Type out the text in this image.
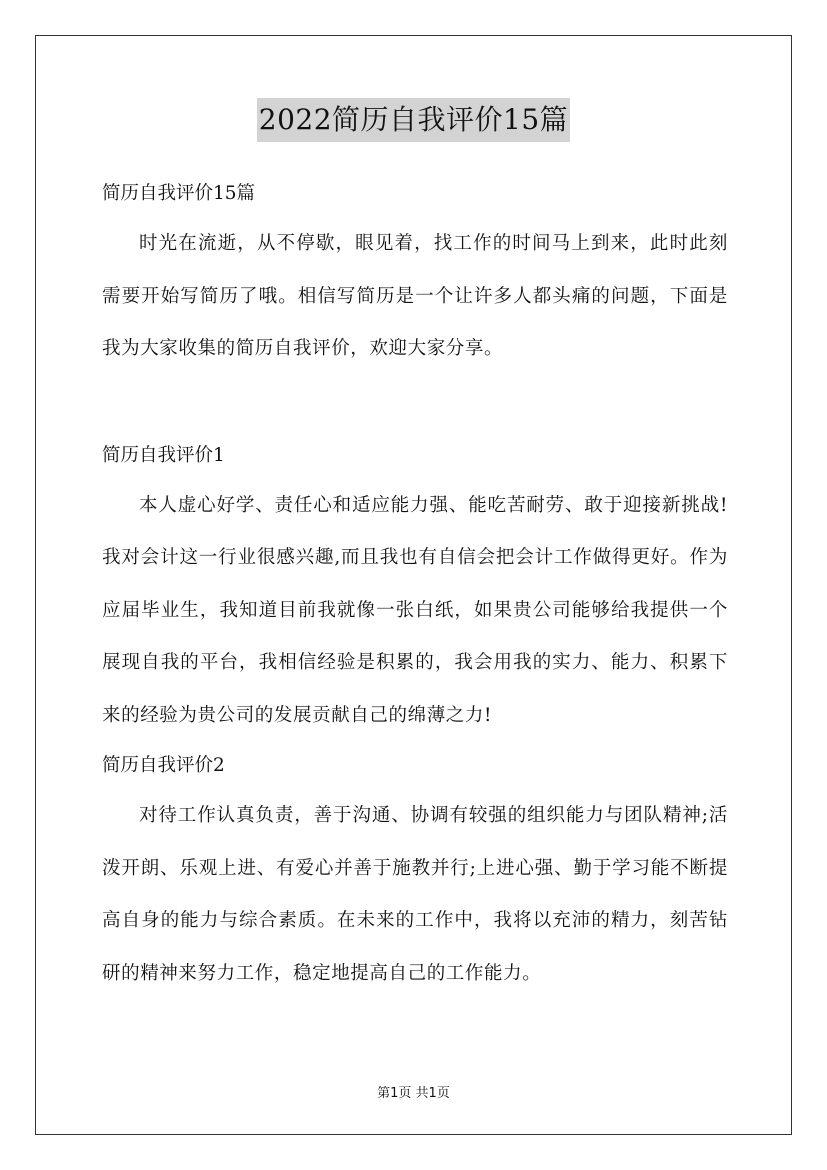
2022简历自我评价15篇

简历自我评价15篇

时光在流逝，从不停歇，眼见着，找工作的时间马上到来，此时此刻需要开始写简历了哦。相信写简历是一个让许多人都头痛的问题，下面是我为大家收集的简历自我评价，欢迎大家分享。

简历自我评价1

本人虚心好学、责任心和适应能力强、能吃苦耐劳、敢于迎接新挑战!我对会计这一行业很感兴趣,而且我也有自信会把会计工作做得更好。作为应届毕业生，我知道目前我就像一张白纸，如果贵公司能够给我提供一个展现自我的平台，我相信经验是积累的，我会用我的实力、能力、积累下来的经验为贵公司的发展贡献自己的绵薄之力!

简历自我评价2

对待工作认真负责，善于沟通、协调有较强的组织能力与团队精神;活泼开朗、乐观上进、有爱心并善于施教并行;上进心强、勤于学习能不断提高自身的能力与综合素质。在未来的工作中，我将以充沛的精力，刻苦钻研的精神来努力工作，稳定地提高自己的工作能力。

第1页 共1页
